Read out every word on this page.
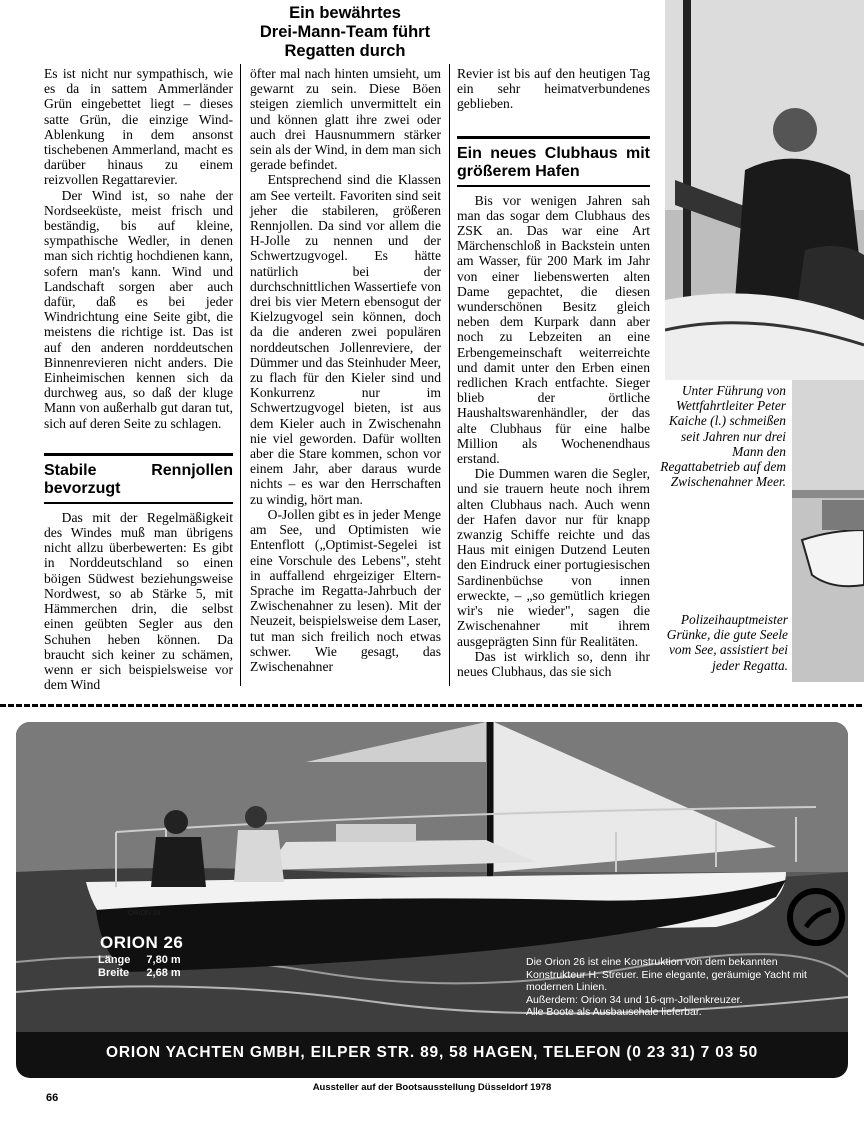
Ein bewährtes
Drei-Mann-Team führt
Regatten durch

Es ist nicht nur sympathisch, wie es da in sattem Ammerländer Grün eingebettet liegt – dieses satte Grün, die einzige Wind-Ablenkung in dem ansonst tischebenen Ammerland, macht es darüber hinaus zu einem reizvollen Regattarevier.

Der Wind ist, so nahe der Nordseeküste, meist frisch und beständig, bis auf kleine, sympathische Wedler, in denen man sich richtig hochdienen kann, sofern man's kann. Wind und Landschaft sorgen aber auch dafür, daß es bei jeder Windrichtung eine Seite gibt, die meistens die richtige ist. Das ist auf den anderen norddeutschen Binnenrevieren nicht anders. Die Einheimischen kennen sich da durchweg aus, so daß der kluge Mann von außerhalb gut daran tut, sich auf deren Seite zu schlagen.

Stabile Rennjollen bevorzugt

Das mit der Regelmäßigkeit des Windes muß man übrigens nicht allzu überbewerten: Es gibt in Norddeutschland so einen böigen Südwest beziehungsweise Nordwest, so ab Stärke 5, mit Hämmerchen drin, die selbst einen geübten Segler aus den Schuhen heben können. Da braucht sich keiner zu schämen, wenn er sich beispielsweise vor dem Wind

öfter mal nach hinten umsieht, um gewarnt zu sein. Diese Böen steigen ziemlich unvermittelt ein und können glatt ihre zwei oder auch drei Hausnummern stärker sein als der Wind, in dem man sich gerade befindet.

Entsprechend sind die Klassen am See verteilt. Favoriten sind seit jeher die stabileren, größeren Rennjollen. Da sind vor allem die H-Jolle zu nennen und der Schwertzugvogel. Es hätte natürlich bei der durchschnittlichen Wassertiefe von drei bis vier Metern ebensogut der Kielzugvogel sein können, doch da die anderen zwei populären norddeutschen Jollenreviere, der Dümmer und das Steinhuder Meer, zu flach für den Kieler sind und Konkurrenz nur im Schwertzugvogel bieten, ist aus dem Kieler auch in Zwischenahn nie viel geworden. Dafür wollten aber die Stare kommen, schon vor einem Jahr, aber daraus wurde nichts – es war den Herrschaften zu windig, hört man.

O-Jollen gibt es in jeder Menge am See, und Optimisten wie Entenflott („Optimist-Segelei ist eine Vorschule des Lebens", steht in auffallend ehrgeiziger Eltern-Sprache im Regatta-Jahrbuch der Zwischenahner zu lesen). Mit der Neuzeit, beispielsweise dem Laser, tut man sich freilich noch etwas schwer. Wie gesagt, das Zwischenahner

Revier ist bis auf den heutigen Tag ein sehr heimatverbundenes geblieben.

Ein neues Clubhaus mit größerem Hafen

Bis vor wenigen Jahren sah man das sogar dem Clubhaus des ZSK an. Das war eine Art Märchenschloß in Backstein unten am Wasser, für 200 Mark im Jahr von einer liebenswerten alten Dame gepachtet, die diesen wunderschönen Besitz gleich neben dem Kurpark dann aber noch zu Lebzeiten an eine Erbengemeinschaft weiterreichte und damit unter den Erben einen redlichen Krach entfachte. Sieger blieb der örtliche Haushaltswarenhändler, der das alte Clubhaus für eine halbe Million als Wochenendhaus erstand.

Die Dummen waren die Segler, und sie trauern heute noch ihrem alten Clubhaus nach. Auch wenn der Hafen davor nur für knapp zwanzig Schiffe reichte und das Haus mit einigen Dutzend Leuten den Eindruck einer portugiesischen Sardinenbüchse von innen erweckte, – „so gemütlich kriegen wir's nie wieder", sagen die Zwischenahner mit ihrem ausgeprägten Sinn für Realitäten.

Das ist wirklich so, denn ihr neues Clubhaus, das sie sich

Unter Führung von Wettfahrtleiter Peter Kaiche (l.) schmeißen seit Jahren nur drei Mann den Regattabetrieb auf dem Zwischenahner Meer.
Polizeihauptmeister Grünke, die gute Seele vom See, assistiert bei jeder Regatta.
ORION 26
ORION 26
Länge	7,80 m
Breite	2,68 m
Die Orion 26 ist eine Konstruktion von dem bekannten Konstrukteur H. Streuer. Eine elegante, geräumige Yacht mit modernen Linien.
Außerdem: Orion 34 und 16-qm-Jollenkreuzer.
Alle Boote als Ausbauschale lieferbar.
ORION YACHTEN GMBH, EILPER STR. 89, 58 HAGEN, TELEFON (0 23 31) 7 03 50
Aussteller auf der Bootsausstellung Düsseldorf 1978
66
